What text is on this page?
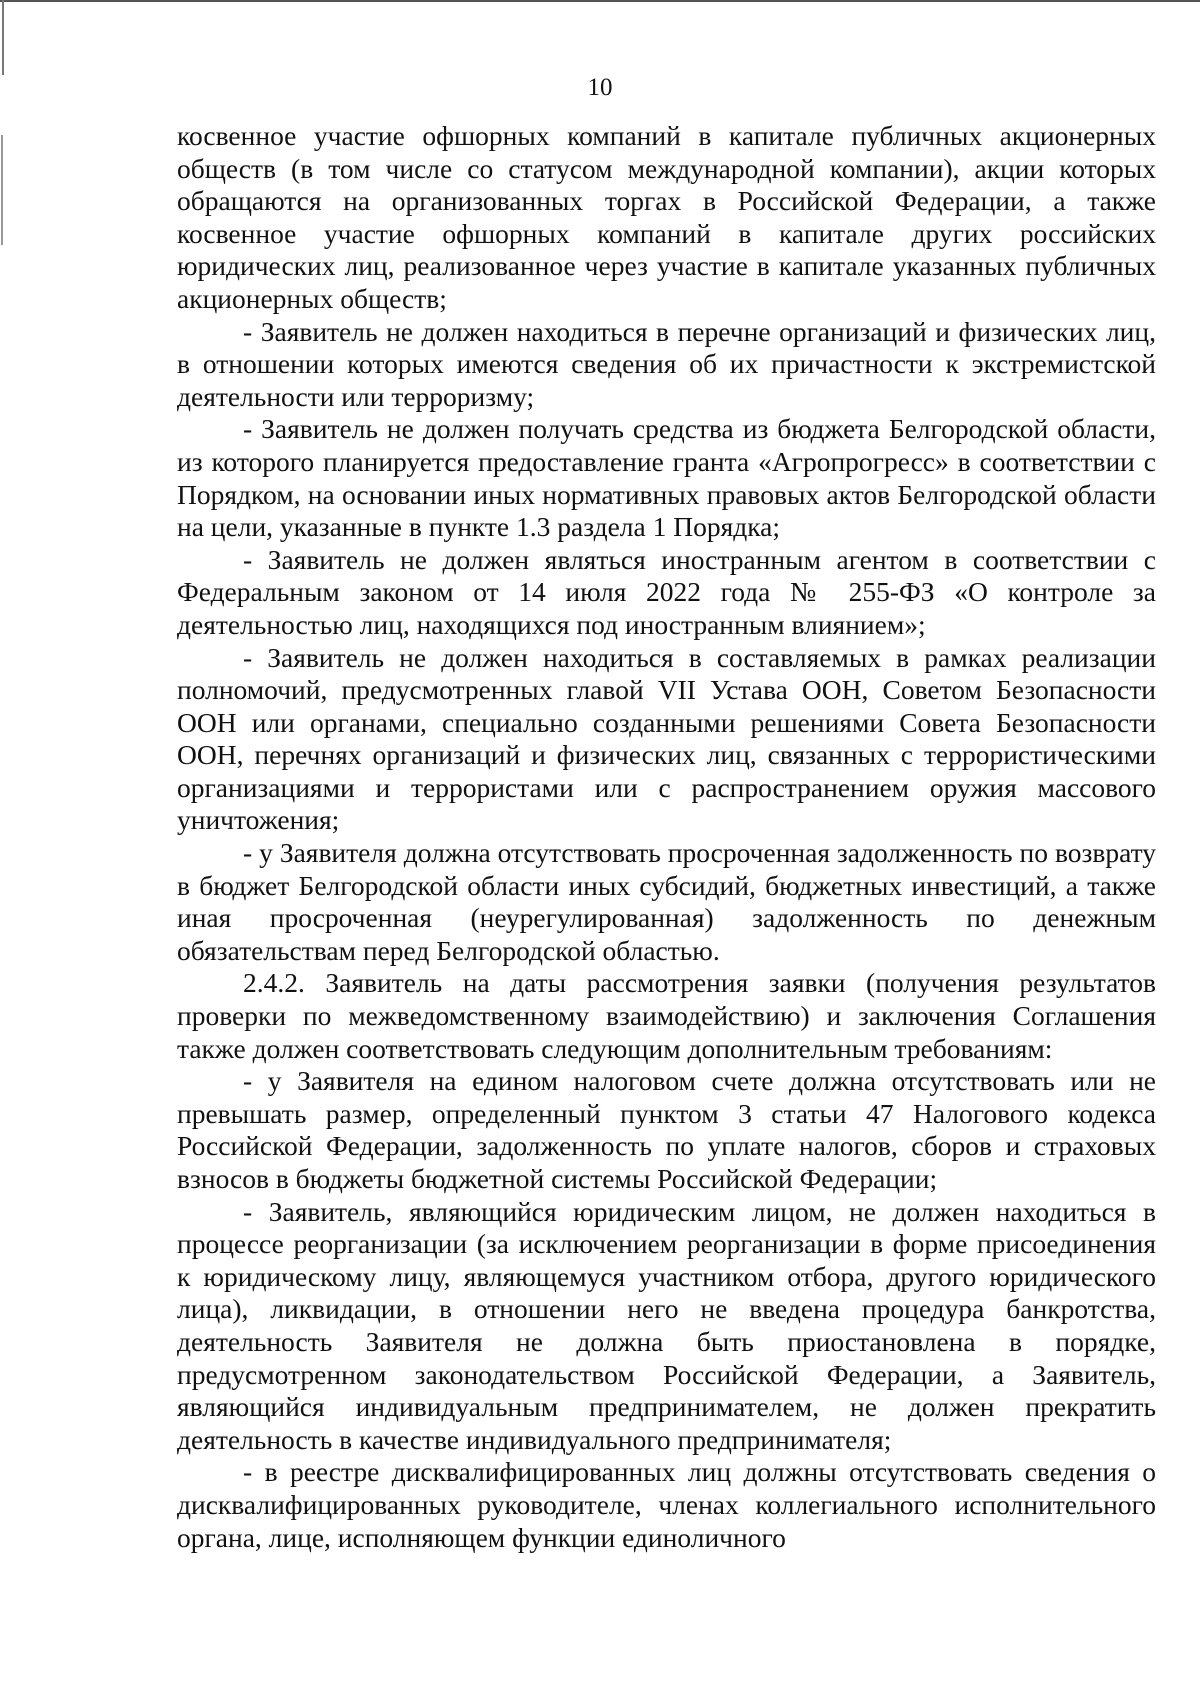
10

косвенное участие офшорных компаний в капитале публичных акционерных обществ (в том числе со статусом международной компании), акции которых обращаются на организованных торгах в Российской Федерации, а также косвенное участие офшорных компаний в капитале других российских юридических лиц, реализованное через участие в капитале указанных публичных акционерных обществ;

- Заявитель не должен находиться в перечне организаций и физических лиц, в отношении которых имеются сведения об их причастности к экстремистской деятельности или терроризму;

- Заявитель не должен получать средства из бюджета Белгородской области, из которого планируется предоставление гранта «Агропрогресс» в соответствии с Порядком, на основании иных нормативных правовых актов Белгородской области на цели, указанные в пункте 1.3 раздела 1 Порядка;

- Заявитель не должен являться иностранным агентом в соответствии с Федеральным законом от 14 июля 2022 года № 255-ФЗ «О контроле за деятельностью лиц, находящихся под иностранным влиянием»;

- Заявитель не должен находиться в составляемых в рамках реализации полномочий, предусмотренных главой VII Устава ООН, Советом Безопасности ООН или органами, специально созданными решениями Совета Безопасности ООН, перечнях организаций и физических лиц, связанных с террористическими организациями и террористами или с распространением оружия массового уничтожения;

- у Заявителя должна отсутствовать просроченная задолженность по возврату в бюджет Белгородской области иных субсидий, бюджетных инвестиций, а также иная просроченная (неурегулированная) задолженность по денежным обязательствам перед Белгородской областью.

2.4.2. Заявитель на даты рассмотрения заявки (получения результатов проверки по межведомственному взаимодействию) и заключения Соглашения также должен соответствовать следующим дополнительным требованиям:

- у Заявителя на едином налоговом счете должна отсутствовать или не превышать размер, определенный пунктом 3 статьи 47 Налогового кодекса Российской Федерации, задолженность по уплате налогов, сборов и страховых взносов в бюджеты бюджетной системы Российской Федерации;

- Заявитель, являющийся юридическим лицом, не должен находиться в процессе реорганизации (за исключением реорганизации в форме присоединения к юридическому лицу, являющемуся участником отбора, другого юридического лица), ликвидации, в отношении него не введена процедура банкротства, деятельность Заявителя не должна быть приостановлена в порядке, предусмотренном законодательством Российской Федерации, а Заявитель, являющийся индивидуальным предпринимателем, не должен прекратить деятельность в качестве индивидуального предпринимателя;

- в реестре дисквалифицированных лиц должны отсутствовать сведения о дисквалифицированных руководителе, членах коллегиального исполнительного органа, лице, исполняющем функции единоличного
